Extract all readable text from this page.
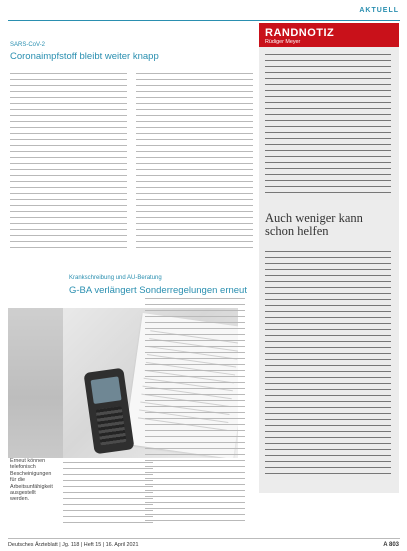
AKTUELL
SARS-CoV-2
Coronaimpfstoff bleibt weiter knapp
Krankschreibung und AU-Beratung
G-BA verlängert Sonderregelungen erneut
Erneut können telefonisch Bescheinigungen für die Arbeitsunfähigkeit ausgestellt werden.
RANDNOTIZ
Rüdiger Meyer
Auch weniger kann schon helfen
Deutsches Ärzteblatt | Jg. 118 | Heft 15 | 16. April 2021	A 803
